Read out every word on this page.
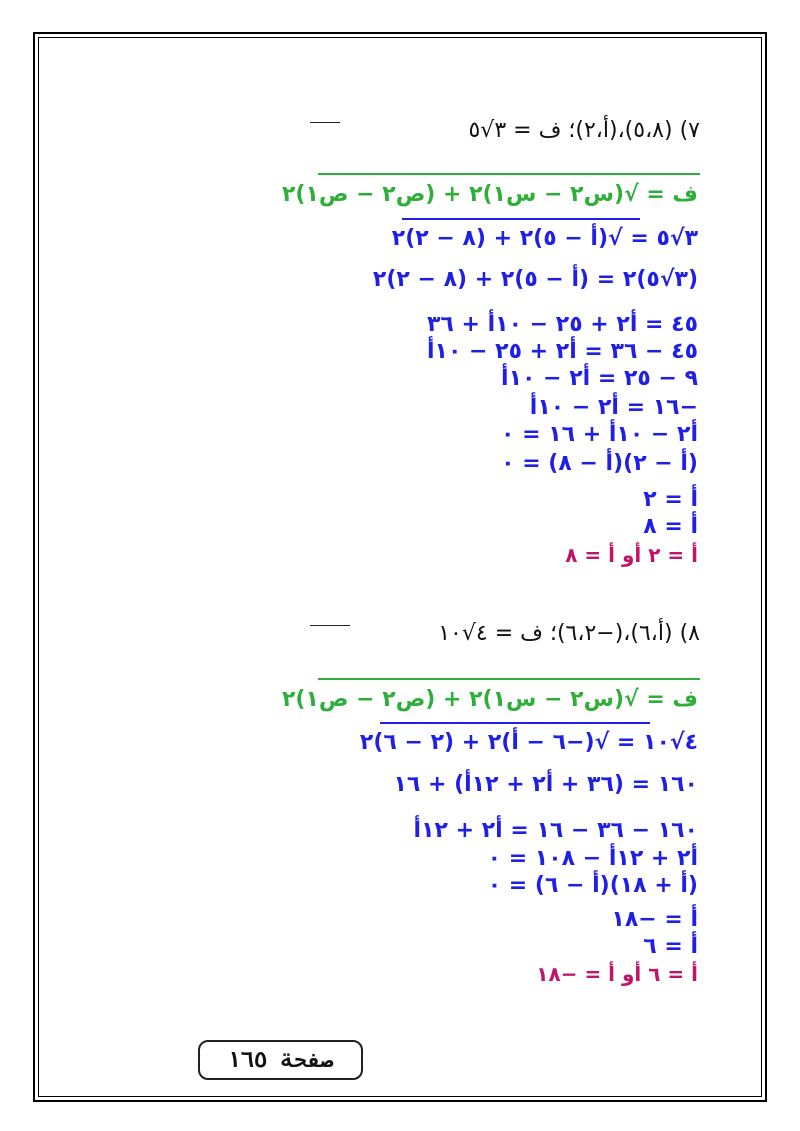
٧) (٥،٨)،(أ،٢)؛ ف = ٣√٥
ف = √(س٢ − س١)٢ + (ص٢ − ص١)٢
٣√٥ = √(أ − ٥)٢ + (٨ − ٢)٢
(٣√٥)٢ = (أ − ٥)٢ + (٨ − ٢)٢
٤٥ = أ٢ + ٢٥ − ١٠أ + ٣٦
٤٥ − ٣٦ = أ٢ + ٢٥ − ١٠أ
٩ − ٢٥ = أ٢ − ١٠أ
−١٦ = أ٢ − ١٠أ
أ٢ − ١٠أ + ١٦ = ٠
(أ − ٢)(أ − ٨) = ٠
أ = ٢
أ = ٨
أ = ٢ أو أ = ٨
٨) (أ،٦)،(−٦،٢)؛ ف = ٤√١٠
ف = √(س٢ − س١)٢ + (ص٢ − ص١)٢
٤√١٠ = √(−٦ − أ)٢ + (٢ − ٦)٢
١٦٠ = (٣٦ + أ٢ + ١٢أ) + ١٦
١٦٠ − ٣٦ − ١٦ = أ٢ + ١٢أ
أ٢ + ١٢أ − ١٠٨ = ٠
(أ + ١٨)(أ − ٦) = ٠
أ = −١٨
أ = ٦
أ = ٦ أو أ = −١٨
صفحة ١٦٥
